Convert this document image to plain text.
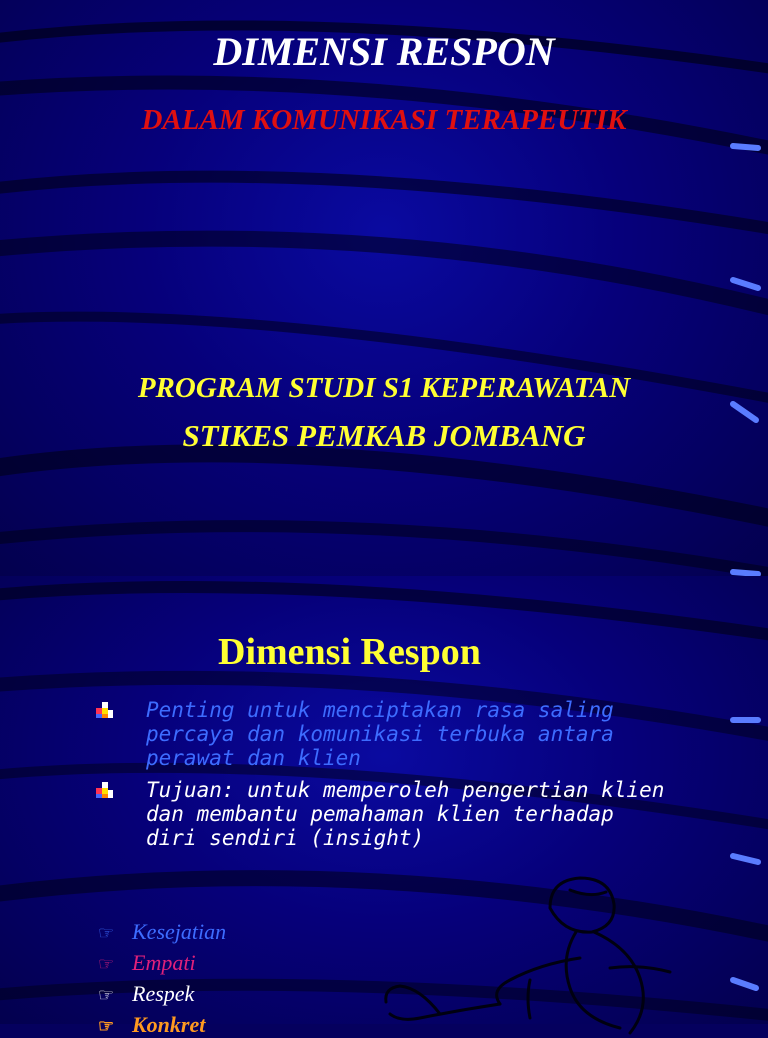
DIMENSI RESPON
DALAM KOMUNIKASI TERAPEUTIK
PROGRAM STUDI S1 KEPERAWATAN
STIKES PEMKAB JOMBANG
Dimensi Respon
Penting untuk menciptakan rasa saling percaya dan komunikasi terbuka antara perawat dan klien
Tujuan: untuk memperoleh pengertian klien dan membantu pemahaman klien terhadap diri sendiri (insight)
☞ Kesejatian
☞ Empati
☞ Respek
☞ Konkret
